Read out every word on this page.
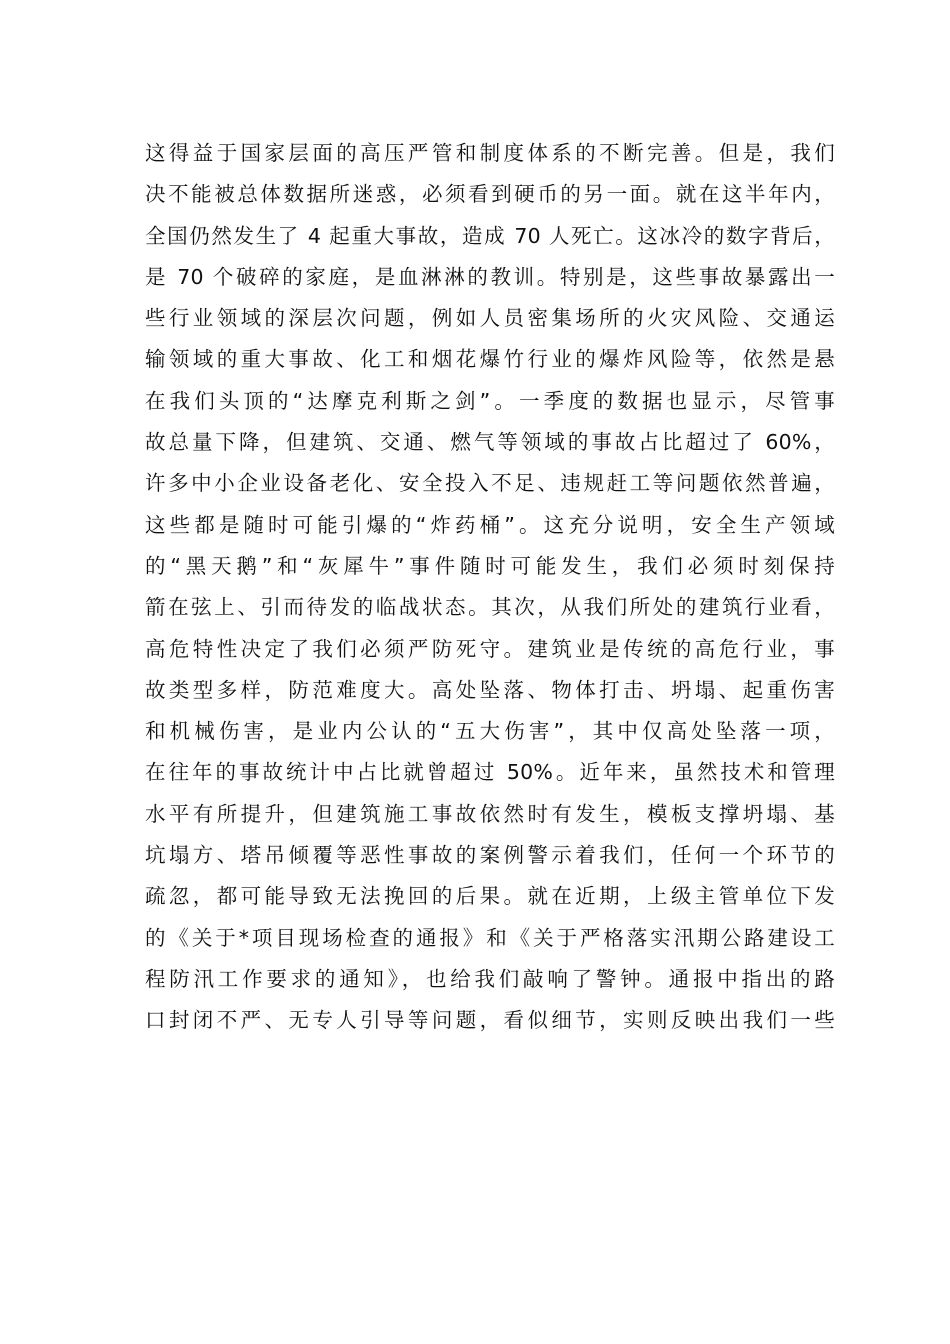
这得益于国家层面的高压严管和制度体系的不断完善。但是，我们
决不能被总体数据所迷惑，必须看到硬币的另一面。就在这半年内，
全国仍然发生了 4 起重大事故，造成 70 人死亡。这冰冷的数字背后，
是 70 个破碎的家庭，是血淋淋的教训。特别是，这些事故暴露出一
些行业领域的深层次问题，例如人员密集场所的火灾风险、交通运
输领域的重大事故、化工和烟花爆竹行业的爆炸风险等，依然是悬
在我们头顶的“达摩克利斯之剑”。一季度的数据也显示，尽管事
故总量下降，但建筑、交通、燃气等领域的事故占比超过了 60%，
许多中小企业设备老化、安全投入不足、违规赶工等问题依然普遍，
这些都是随时可能引爆的“炸药桶”。这充分说明，安全生产领域
的“黑天鹅”和“灰犀牛”事件随时可能发生，我们必须时刻保持
箭在弦上、引而待发的临战状态。其次，从我们所处的建筑行业看，
高危特性决定了我们必须严防死守。建筑业是传统的高危行业，事
故类型多样，防范难度大。高处坠落、物体打击、坍塌、起重伤害
和机械伤害，是业内公认的“五大伤害”，其中仅高处坠落一项，
在往年的事故统计中占比就曾超过 50%。近年来，虽然技术和管理
水平有所提升，但建筑施工事故依然时有发生，模板支撑坍塌、基
坑塌方、塔吊倾覆等恶性事故的案例警示着我们，任何一个环节的
疏忽，都可能导致无法挽回的后果。就在近期，上级主管单位下发
的《关于*项目现场检查的通报》和《关于严格落实汛期公路建设工
程防汛工作要求的通知》，也给我们敲响了警钟。通报中指出的路
口封闭不严、无专人引导等问题，看似细节，实则反映出我们一些
